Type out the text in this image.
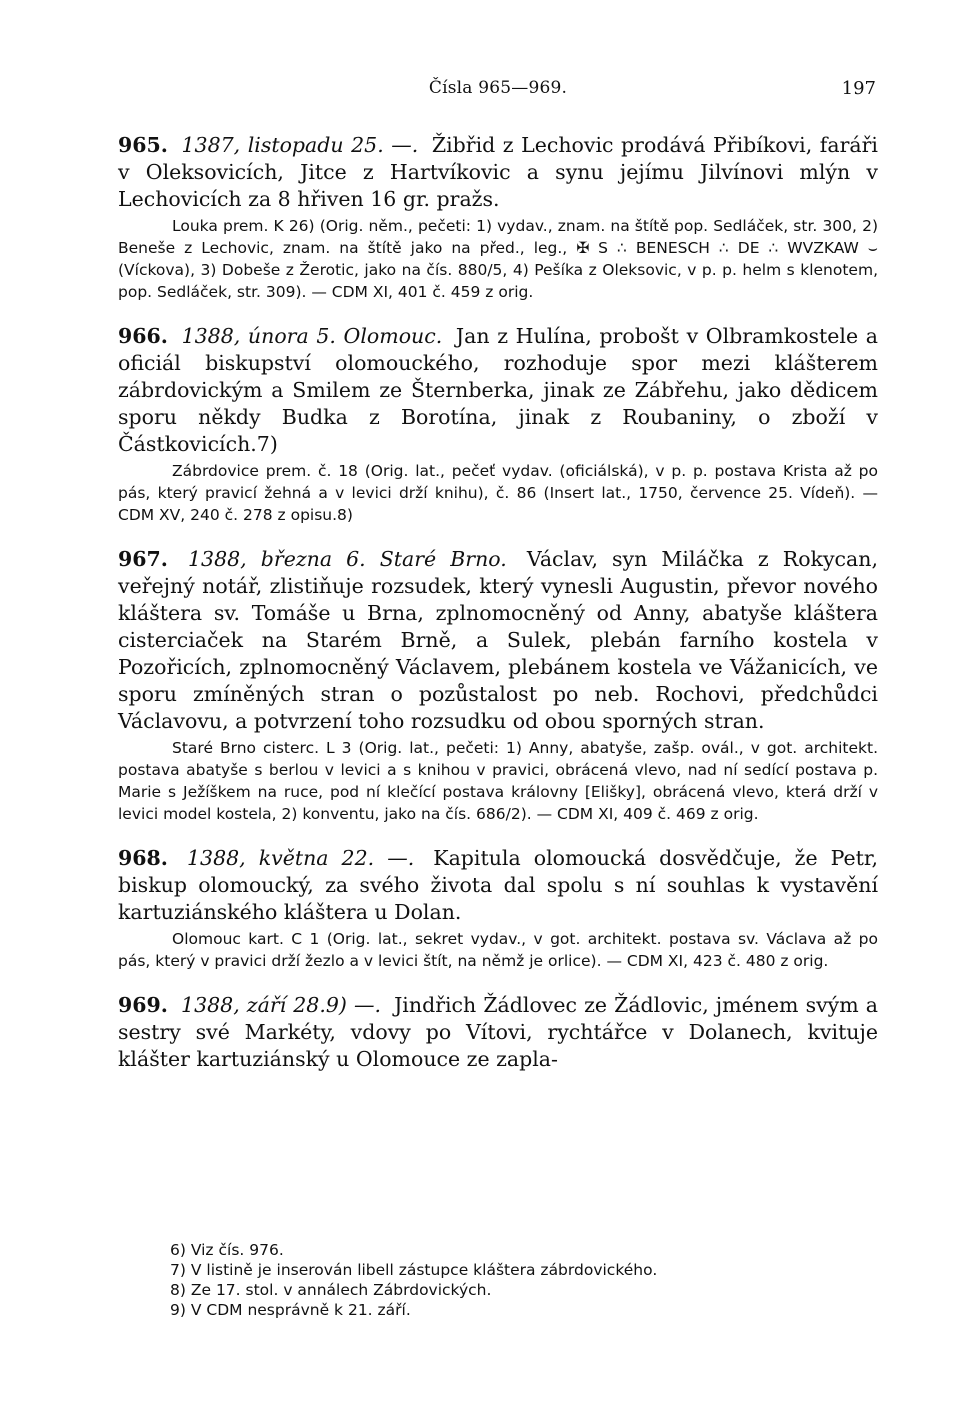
Čísla 965—969.	197

965. 1387, listopadu 25. —. Žibřid z Lechovic prodává Přibíkovi, faráři v Oleksovicích, Jitce z Hartvíkovic a synu jejímu Jilvínovi mlýn v Lechovicích za 8 hřiven 16 gr. pražs.

Louka prem. K 26) (Orig. něm., pečeti: 1) vydav., znam. na štítě pop. Sedláček, str. 300, 2) Beneše z Lechovic, znam. na štítě jako na před., leg., ✠ S ∴ BENESCH ∴ DE ∴ WVZKAW ⌣ (Víckova), 3) Dobeše z Žerotic, jako na čís. 880/5, 4) Pešíka z Oleksovic, v p. p. helm s klenotem, pop. Sedláček, str. 309). — CDM XI, 401 č. 459 z orig.

966. 1388, února 5. Olomouc. Jan z Hulína, probošt v Olbramkostele a oficiál biskupství olomouckého, rozhoduje spor mezi klášterem zábrdovickým a Smilem ze Šternberka, jinak ze Zábřehu, jako dědicem sporu někdy Budka z Borotína, jinak z Roubaniny, o zboží v Částkovicích.7)

Zábrdovice prem. č. 18 (Orig. lat., pečeť vydav. (oficiálská), v p. p. postava Krista až po pás, který pravicí žehná a v levici drží knihu), č. 86 (Insert lat., 1750, července 25. Vídeň). — CDM XV, 240 č. 278 z opisu.8)

967. 1388, března 6. Staré Brno. Václav, syn Miláčka z Rokycan, veřejný notář, zlistiňuje rozsudek, který vynesli Augustin, převor nového kláštera sv. Tomáše u Brna, zplnomocněný od Anny, abatyše kláštera cisterciaček na Starém Brně, a Sulek, plebán farního kostela v Pozořicích, zplnomocněný Václavem, plebánem kostela ve Vážanicích, ve sporu zmíněných stran o pozůstalost po neb. Rochovi, předchůdci Václavovu, a potvrzení toho rozsudku od obou sporných stran.

Staré Brno cisterc. L 3 (Orig. lat., pečeti: 1) Anny, abatyše, zašp. ovál., v got. architekt. postava abatyše s berlou v levici a s knihou v pravici, obrácená vlevo, nad ní sedící postava p. Marie s Ježíškem na ruce, pod ní klečící postava královny [Elišky], obrácená vlevo, která drží v levici model kostela, 2) konventu, jako na čís. 686/2). — CDM XI, 409 č. 469 z orig.

968. 1388, května 22. —. Kapitula olomoucká dosvědčuje, že Petr, biskup olomoucký, za svého života dal spolu s ní souhlas k vystavění kartuziánského kláštera u Dolan.

Olomouc kart. C 1 (Orig. lat., sekret vydav., v got. architekt. postava sv. Václava až po pás, který v pravici drží žezlo a v levici štít, na němž je orlice). — CDM XI, 423 č. 480 z orig.

969. 1388, září 28.9) —. Jindřich Žádlovec ze Žádlovic, jménem svým a sestry své Markéty, vdovy po Vítovi, rychtářce v Dolanech, kvituje klášter kartuziánský u Olomouce ze zapla-

6) Viz čís. 976.
7) V listině je inserován libell zástupce kláštera zábrdovického.
8) Ze 17. stol. v annálech Zábrdovických.
9) V CDM nesprávně k 21. září.
